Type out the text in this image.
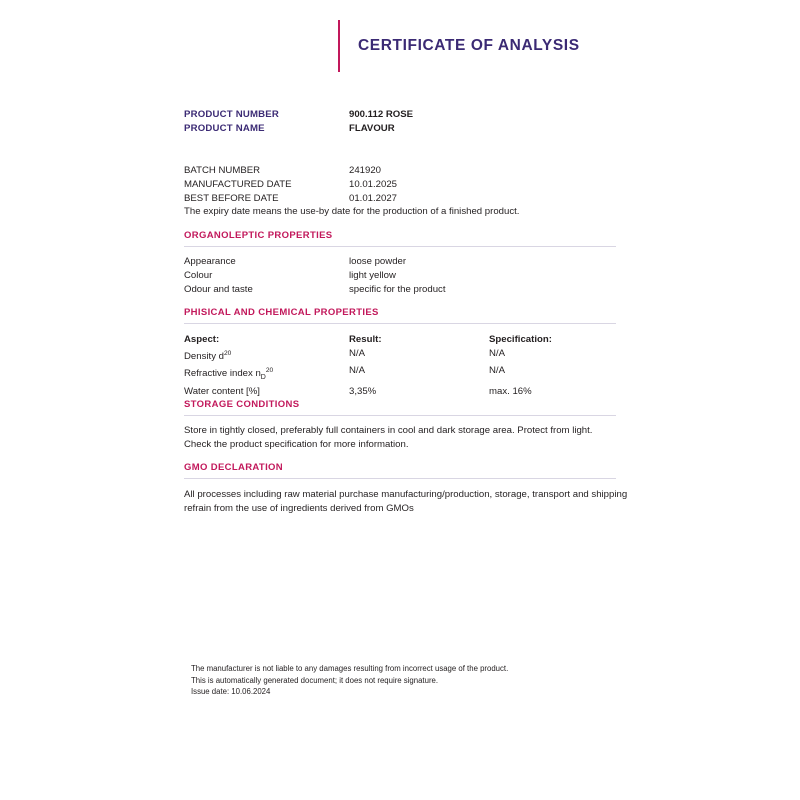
CERTIFICATE OF ANALYSIS
PRODUCT NUMBER	900.112 ROSE
PRODUCT NAME	FLAVOUR
BATCH NUMBER	241920
MANUFACTURED DATE	10.01.2025
BEST BEFORE DATE	01.01.2027
The expiry date means the use-by date for the production of a finished product.
ORGANOLEPTIC PROPERTIES
Appearance	loose powder
Colour	light yellow
Odour and taste	specific for the product
PHISICAL AND CHEMICAL PROPERTIES
Aspect:	Result:	Specification:
Density $d^{20}$	N/A	N/A
Refractive index $n_D^{20}$	N/A	N/A
Water content [%]	3,35%	max. 16%
STORAGE CONDITIONS
Store in tightly closed, preferably full containers in cool and dark storage area. Protect from light. Check the product specification for more information.
GMO DECLARATION
All processes including raw material purchase manufacturing/production, storage, transport and shipping refrain from the use of ingredients derived from GMOs
The manufacturer is not liable to any damages resulting from incorrect usage of the product.
This is automatically generated document; it does not require signature.
Issue date: 10.06.2024
